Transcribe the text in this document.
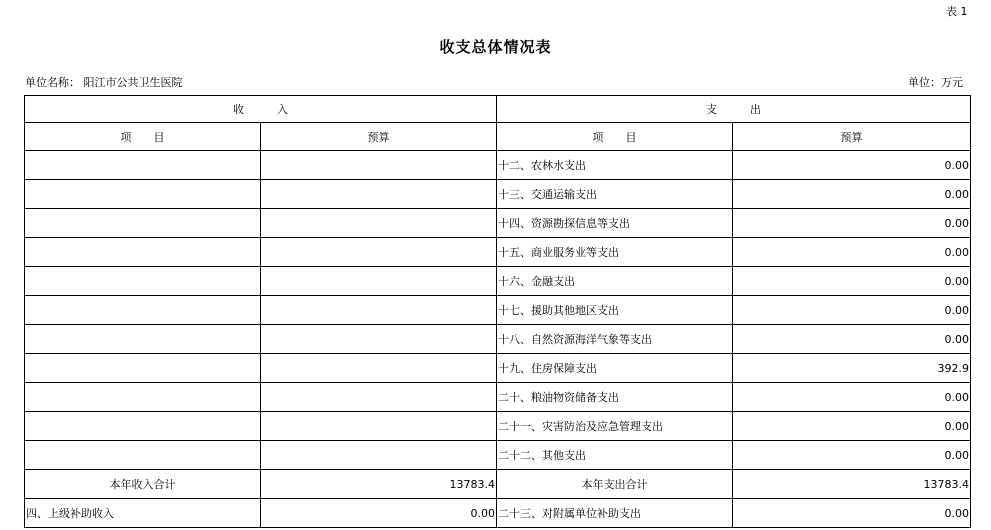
表 1
收支总体情况表
单位名称： 阳江市公共卫生医院	单位：万元
收　　　入		支　　　出	
项　　目	预算	项　　目	预算
		十二、农林水支出	0.00
		十三、交通运输支出	0.00
		十四、资源勘探信息等支出	0.00
		十五、商业服务业等支出	0.00
		十六、金融支出	0.00
		十七、援助其他地区支出	0.00
		十八、自然资源海洋气象等支出	0.00
		十九、住房保障支出	392.9
		二十、粮油物资储备支出	0.00
		二十一、灾害防治及应急管理支出	0.00
		二十二、其他支出	0.00
本年收入合计	13783.4	本年支出合计	13783.4
四、上级补助收入	0.00	二十三、对附属单位补助支出	0.00
